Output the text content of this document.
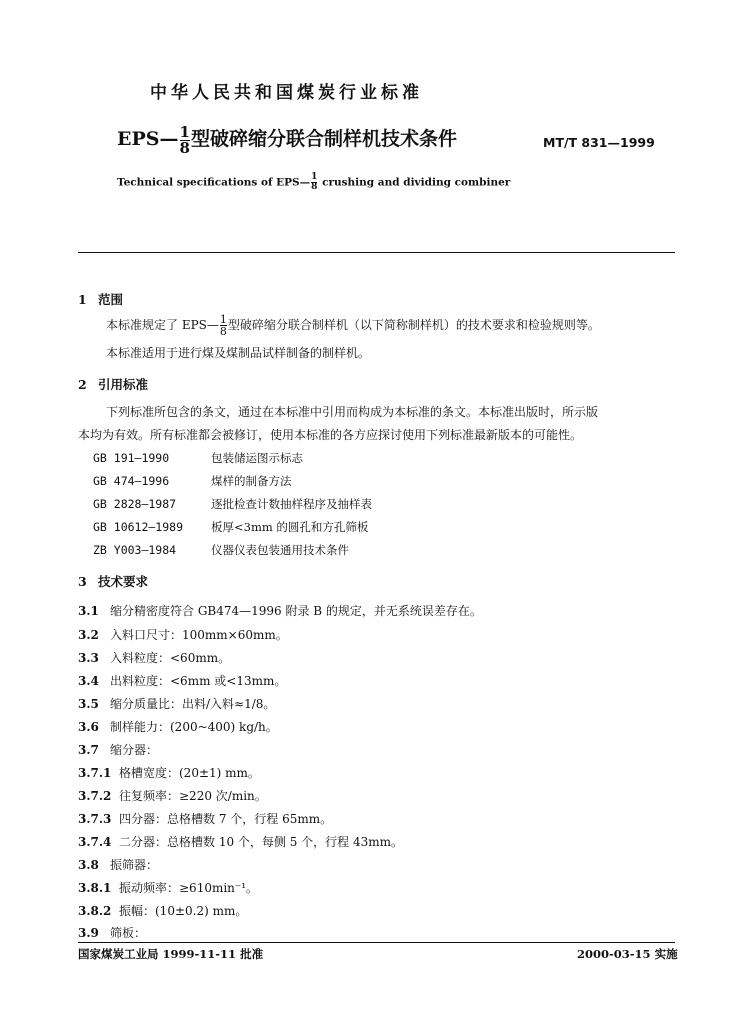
中华人民共和国煤炭行业标准
EPS— $\frac{1}{8}$ 型破碎缩分联合制样机技术条件	MT/T 831—1999
Technical specifications of EPS— $\frac{1}{8}$ crushing and dividing combiner
1 范围
本标准规定了 EPS— $\frac{1}{8}$ 型破碎缩分联合制样机（以下简称制样机）的技术要求和检验规则等。
本标准适用于进行煤及煤制品试样制备的制样机。
2 引用标准
下列标准所包含的条文，通过在本标准中引用而构成为本标准的条文。本标准出版时，所示版
本均为有效。所有标准都会被修订，使用本标准的各方应探讨使用下列标准最新版本的可能性。
GB 191—1990	包装储运图示标志
GB 474—1996	煤样的制备方法
GB 2828—1987	逐批检查计数抽样程序及抽样表
GB 10612—1989 板厚<3mm 的圆孔和方孔筛板
ZB Y003—1984	仪器仪表包装通用技术条件
3 技术要求
3.1 缩分精密度符合 GB474—1996 附录 B 的规定，并无系统误差存在。
3.2 入料口尺寸：100mm×60mm。
3.3 入料粒度：<60mm。
3.4 出料粒度：<6mm 或<13mm。
3.5 缩分质量比：出料/入料≈1/8。
3.6 制样能力：(200~400) kg/h。
3.7 缩分器：
3.7.1 格槽宽度：(20±1) mm。
3.7.2 往复频率：≥220 次/min。
3.7.3 四分器：总格槽数 7 个，行程 65mm。
3.7.4 二分器：总格槽数 10 个，每侧 5 个，行程 43mm。
3.8 振筛器：
3.8.1 振动频率：≥610min⁻¹。
3.8.2 振幅：(10±0.2) mm。
3.9 筛板：
国家煤炭工业局 1999-11-11 批准	2000-03-15 实施
